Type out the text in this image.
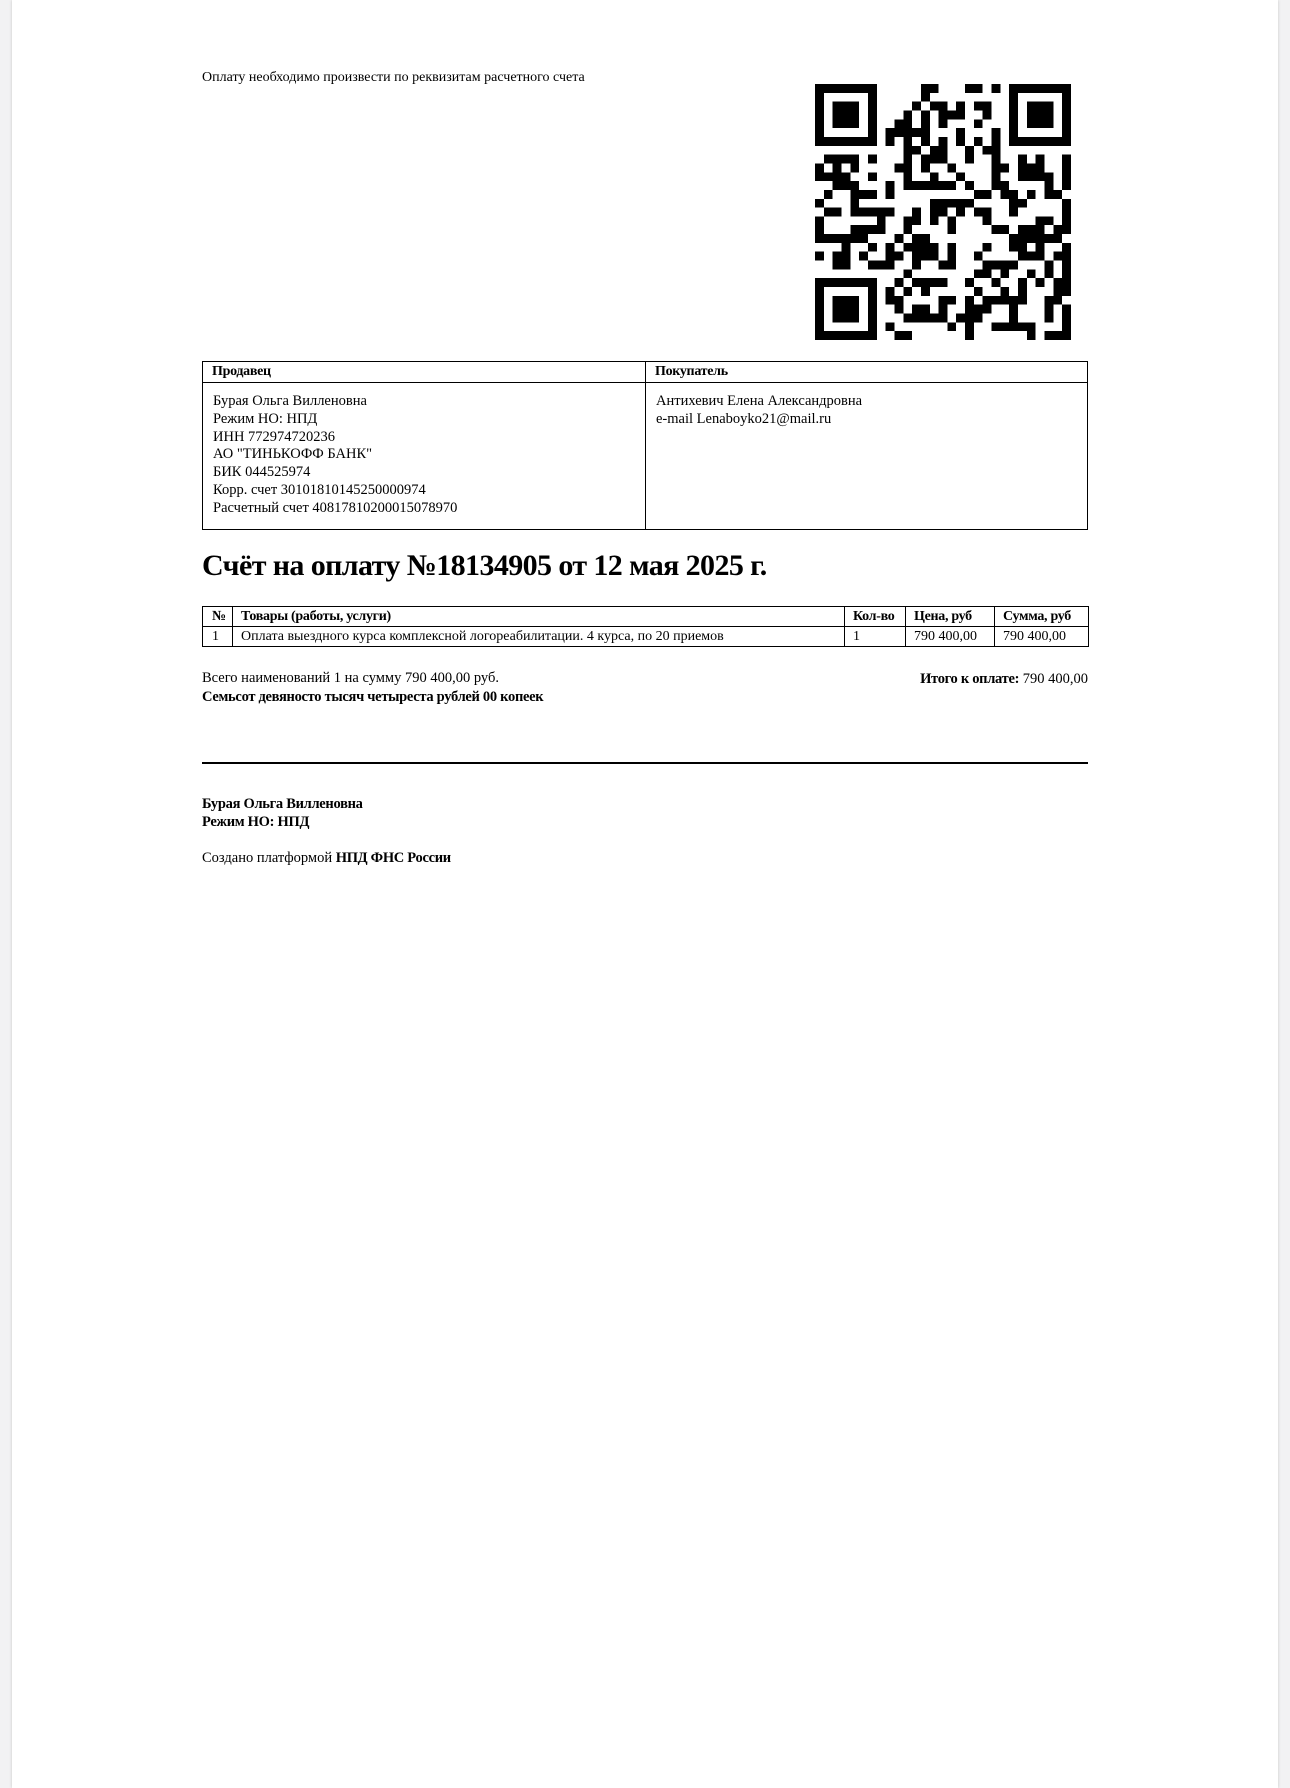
Оплату необходимо произвести по реквизитам расчетного счета
Продавец
Бурая Ольга Вилленовна
Режим НО: НПД
ИНН 772974720236
АО "ТИНЬКОФФ БАНК"
БИК 044525974
Корр. счет 30101810145250000974
Расчетный счет 40817810200015078970
Покупатель
Антихевич Елена Александровна
e-mail Lenaboyko21@mail.ru
Счёт на оплату №18134905 от 12 мая 2025 г.
№	Товары (работы, услуги)	Кол-во	Цена, руб	Сумма, руб
1	Оплата выездного курса комплексной логореабилитации. 4 курса, по 20 приемов	1	790 400,00	790 400,00
Всего наименований 1 на сумму 790 400,00 руб.
Семьсот девяносто тысяч четыреста рублей 00 копеек
Итого к оплате: 790 400,00
Бурая Ольга Вилленовна
Режим НО: НПД
Создано платформой НПД ФНС России
